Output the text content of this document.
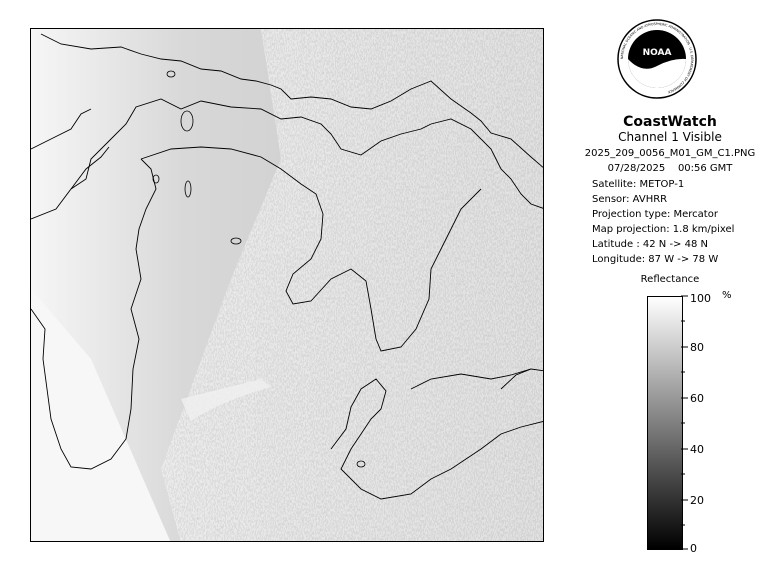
NOAA
NATIONAL OCEANIC AND ATMOSPHERIC ADMINISTRATION · U.S. DEPARTMENT OF COMMERCE
CoastWatch
Channel 1 Visible
2025_209_0056_M01_GM_C1.PNG
07/28/2025 00:56 GMT
Satellite: METOP-1
Sensor: AVHRR
Projection type: Mercator
Map projection: 1.8 km/pixel
Latitude : 42 N -> 48 N
Longitude: 87 W -> 78 W
Reflectance
100
80
60
40
20
0
%
